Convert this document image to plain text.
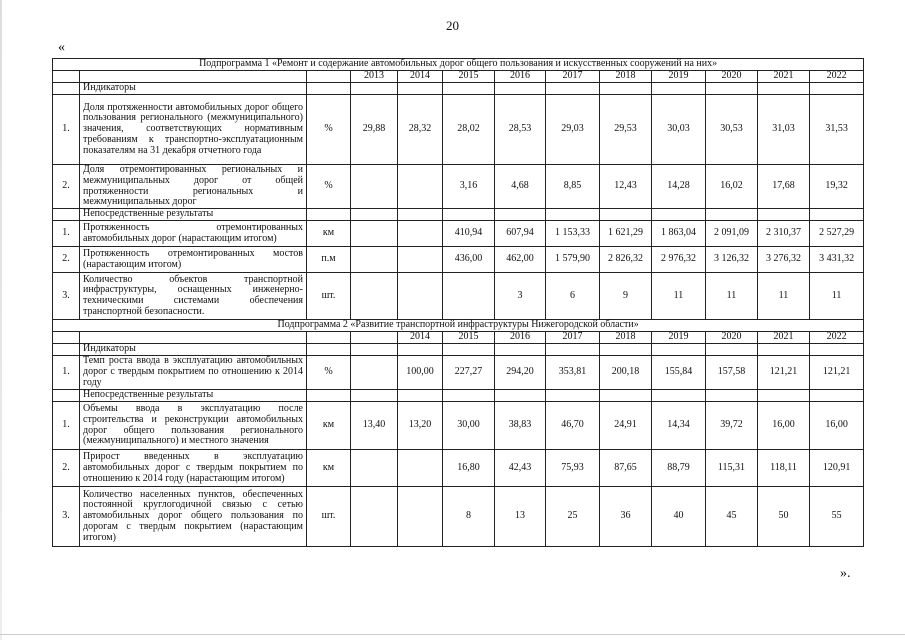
20
«
Подпрограмма 1 «Ремонт и содержание автомобильных дорог общего пользования и искусственных сооружений на них»												
			2013	2014	2015	2016	2017	2018	2019	2020	2021	2022
	Индикаторы											
1.	Доля протяженности автомобильных дорог общего пользования регионального (межмуниципального) значения, соответствующих нормативным требованиям к транспортно-эксплуатационным показателям на 31 декабря отчетного года	%	29,88	28,32	28,02	28,53	29,03	29,53	30,03	30,53	31,03	31,53
2.	Доля отремонтированных региональных и межмуниципальных дорог от общей протяженности региональных и межмуниципальных дорог	%			3,16	4,68	8,85	12,43	14,28	16,02	17,68	19,32
	Непосредственные результаты											
1.	Протяженность отремонтированных автомобильных дорог (нарастающим итогом)	км			410,94	607,94	1 153,33	1 621,29	1 863,04	2 091,09	2 310,37	2 527,29
2.	Протяженность отремонтированных мостов (нарастающим итогом)	п.м			436,00	462,00	1 579,90	2 826,32	2 976,32	3 126,32	3 276,32	3 431,32
3.	Количество объектов транспортной инфраструктуры, оснащенных инженерно-техническими системами обеспечения транспортной безопасности.	шт.				3	6	9	11	11	11	11
Подпрограмма 2 «Развитие транспортной инфраструктуры Нижегородской области»												
				2014	2015	2016	2017	2018	2019	2020	2021	2022
	Индикаторы											
1.	Темп роста ввода в эксплуатацию автомобильных дорог с твердым покрытием по отношению к 2014 году	%		100,00	227,27	294,20	353,81	200,18	155,84	157,58	121,21	121,21
	Непосредственные результаты											
1.	Объемы ввода в эксплуатацию после строительства и реконструкции автомобильных дорог общего пользования регионального (межмуниципального) и местного значения	км	13,40	13,20	30,00	38,83	46,70	24,91	14,34	39,72	16,00	16,00
2.	Прирост введенных в эксплуатацию автомобильных дорог с твердым покрытием по отношению к 2014 году (нарастающим итогом)	км			16,80	42,43	75,93	87,65	88,79	115,31	118,11	120,91
3.	Количество населенных пунктов, обеспеченных постоянной круглогодичной связью с сетью автомобильных дорог общего пользования по дорогам с твердым покрытием (нарастающим итогом)	шт.			8	13	25	36	40	45	50	55
».
